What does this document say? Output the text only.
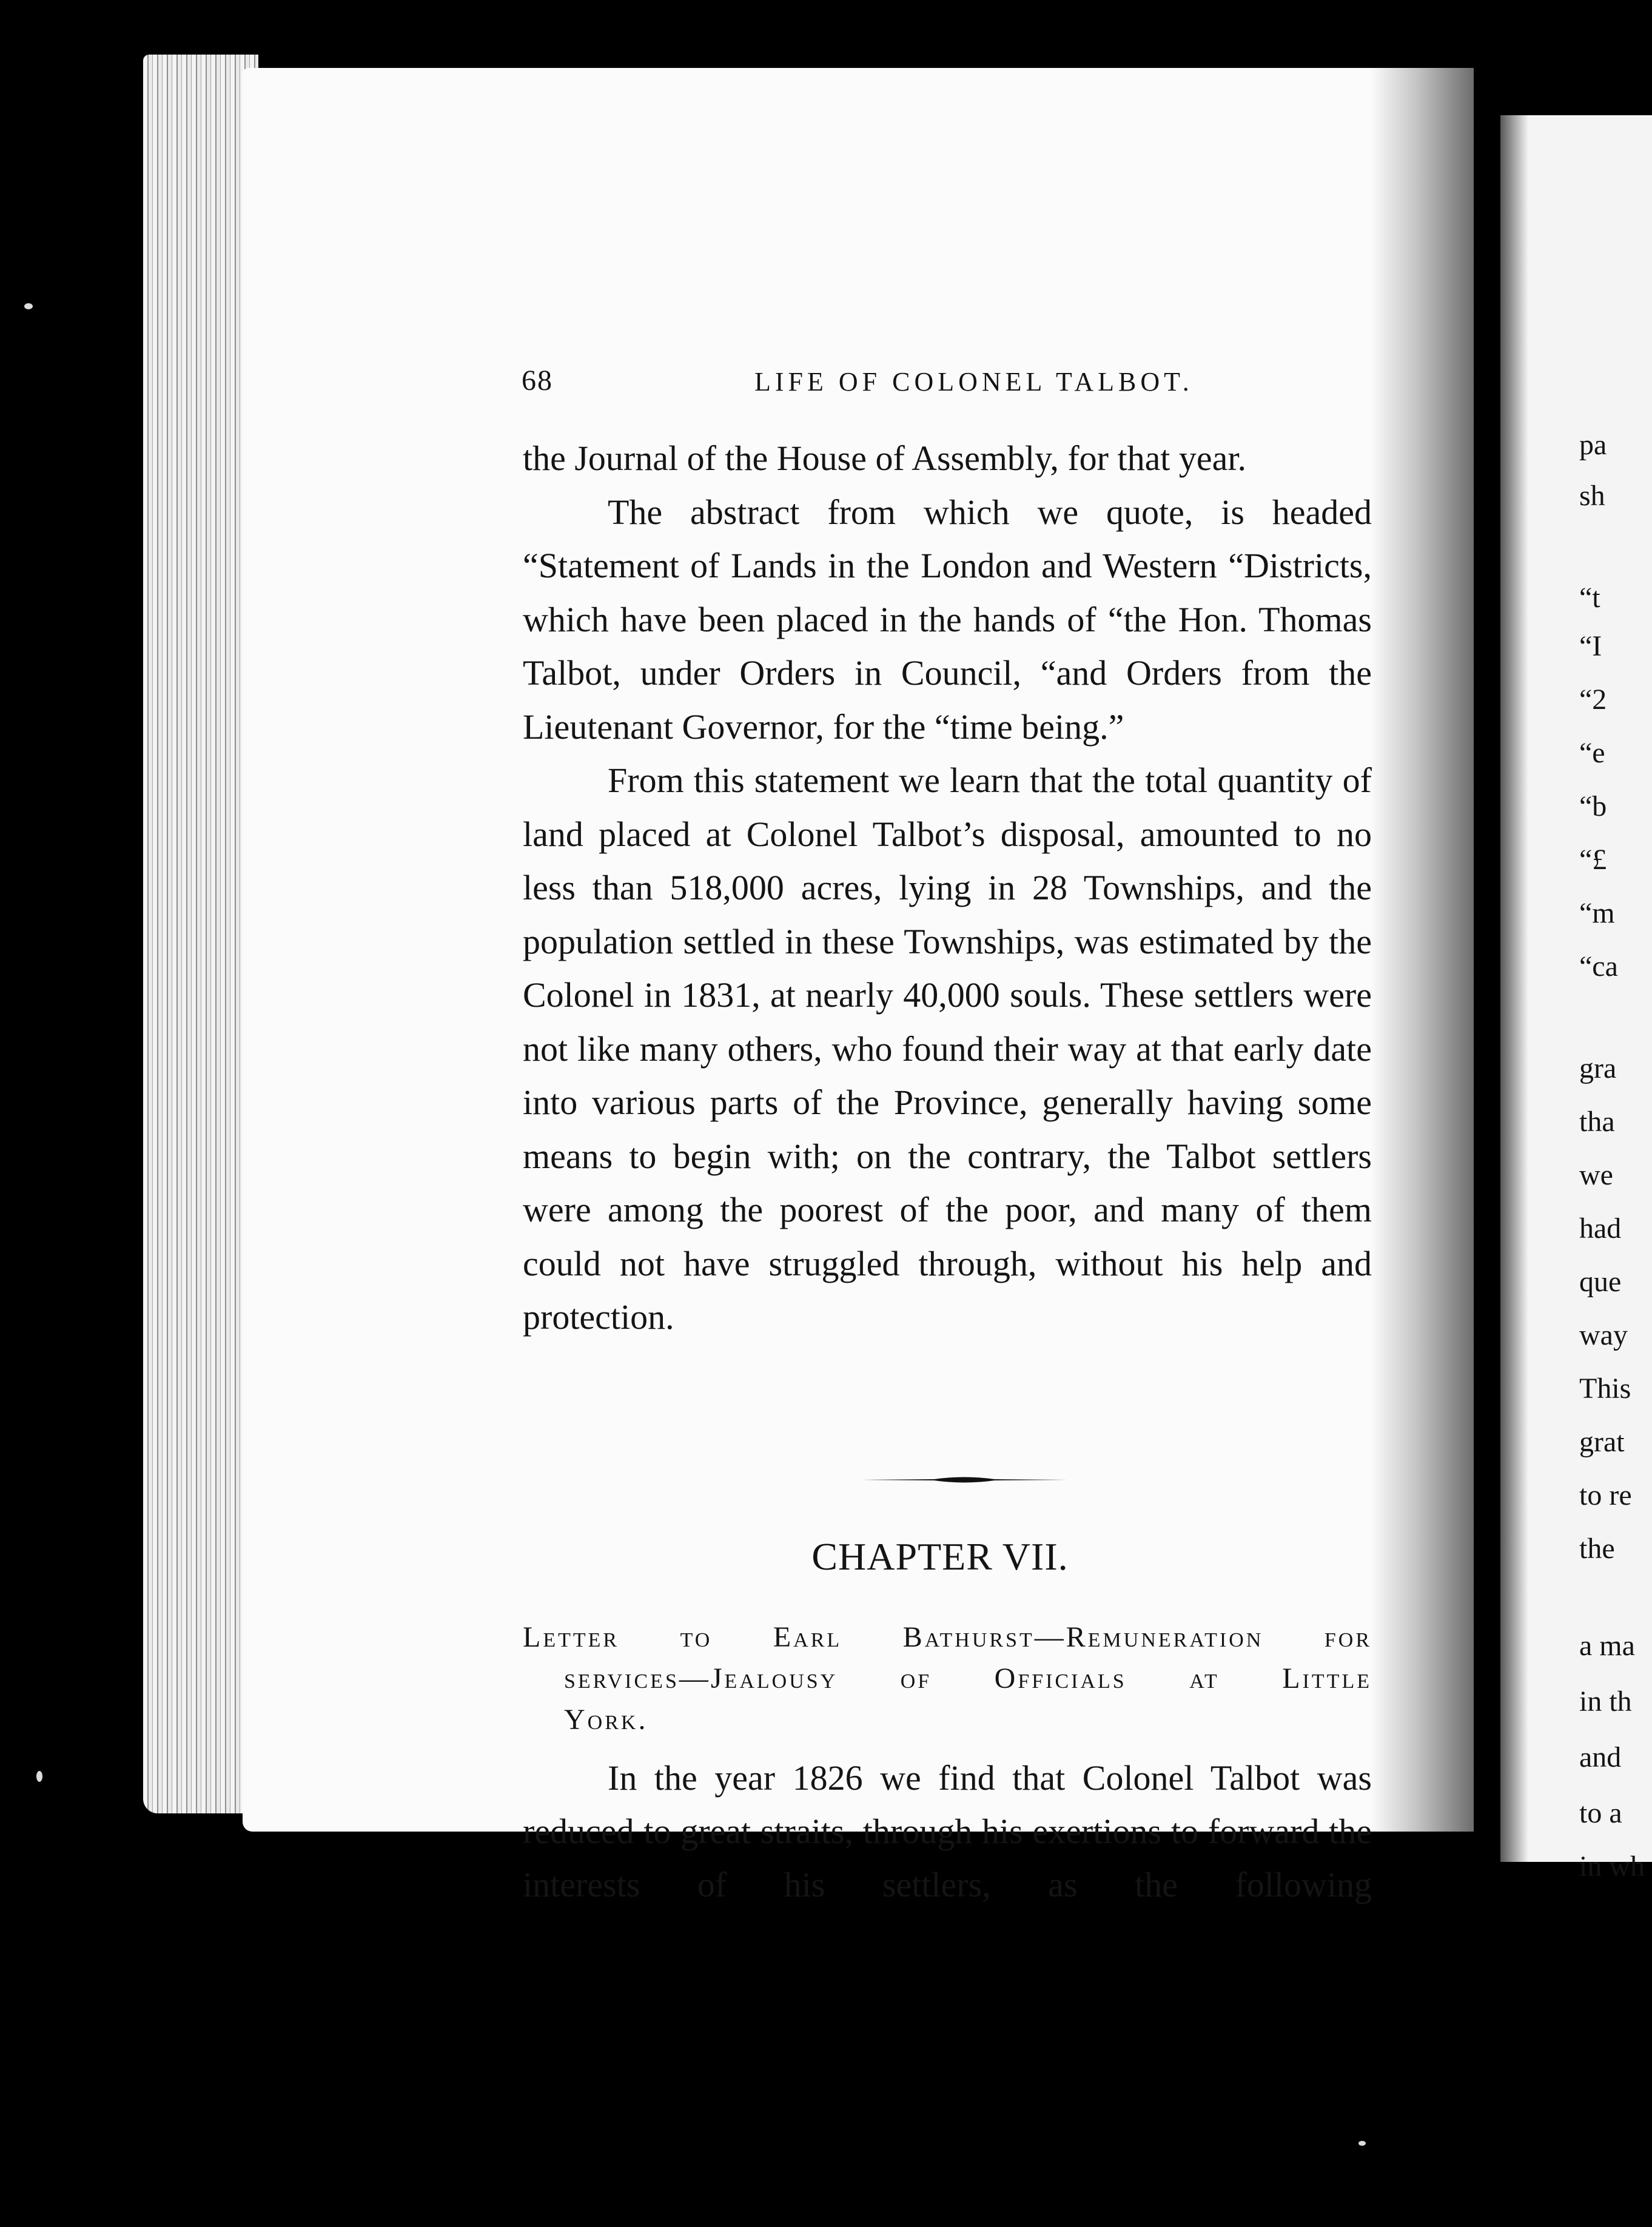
pa
sh
“t
“I
“2
“e
“b
“£
“m
“ca
gra
tha
we
had
que
way
This
grat
to re
the
a ma
in th
and
to a
in wh
68	LIFE OF COLONEL TALBOT.

the Journal of the House of Assembly, for that year.

The abstract from which we quote, is headed “Statement of Lands in the London and Western “Districts, which have been placed in the hands of “the Hon. Thomas Talbot, under Orders in Council, “and Orders from the Lieutenant Governor, for the “time being.”

From this statement we learn that the total quantity of land placed at Colonel Talbot’s disposal, amounted to no less than 518,000 acres, lying in 28 Townships, and the population settled in these Townships, was estimated by the Colonel in 1831, at nearly 40,000 souls. These settlers were not like many others, who found their way at that early date into various parts of the Province, generally having some means to begin with; on the contrary, the Talbot settlers were among the poorest of the poor, and many of them could not have struggled through, without his help and protection.

CHAPTER VII.
Letter to Earl Bathurst—Remuneration for
services—Jealousy of Officials at Little
York.

In the year 1826 we find that Colonel Talbot was reduced to great straits, through his exertions to forward the interests of his settlers, as the following
